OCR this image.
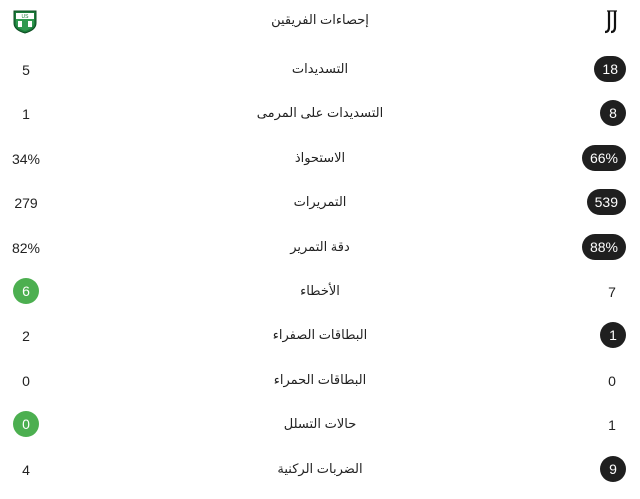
US	إحصاءات الفريقين
5	التسديدات	18
1	التسديدات على المرمى	8
34%	الاستحواذ	66%
279	التمريرات	539
82%	دقة التمرير	88%
6	الأخطاء	7
2	البطاقات الصفراء	1
0	البطاقات الحمراء	0
0	حالات التسلل	1
4	الضربات الركنية	9
